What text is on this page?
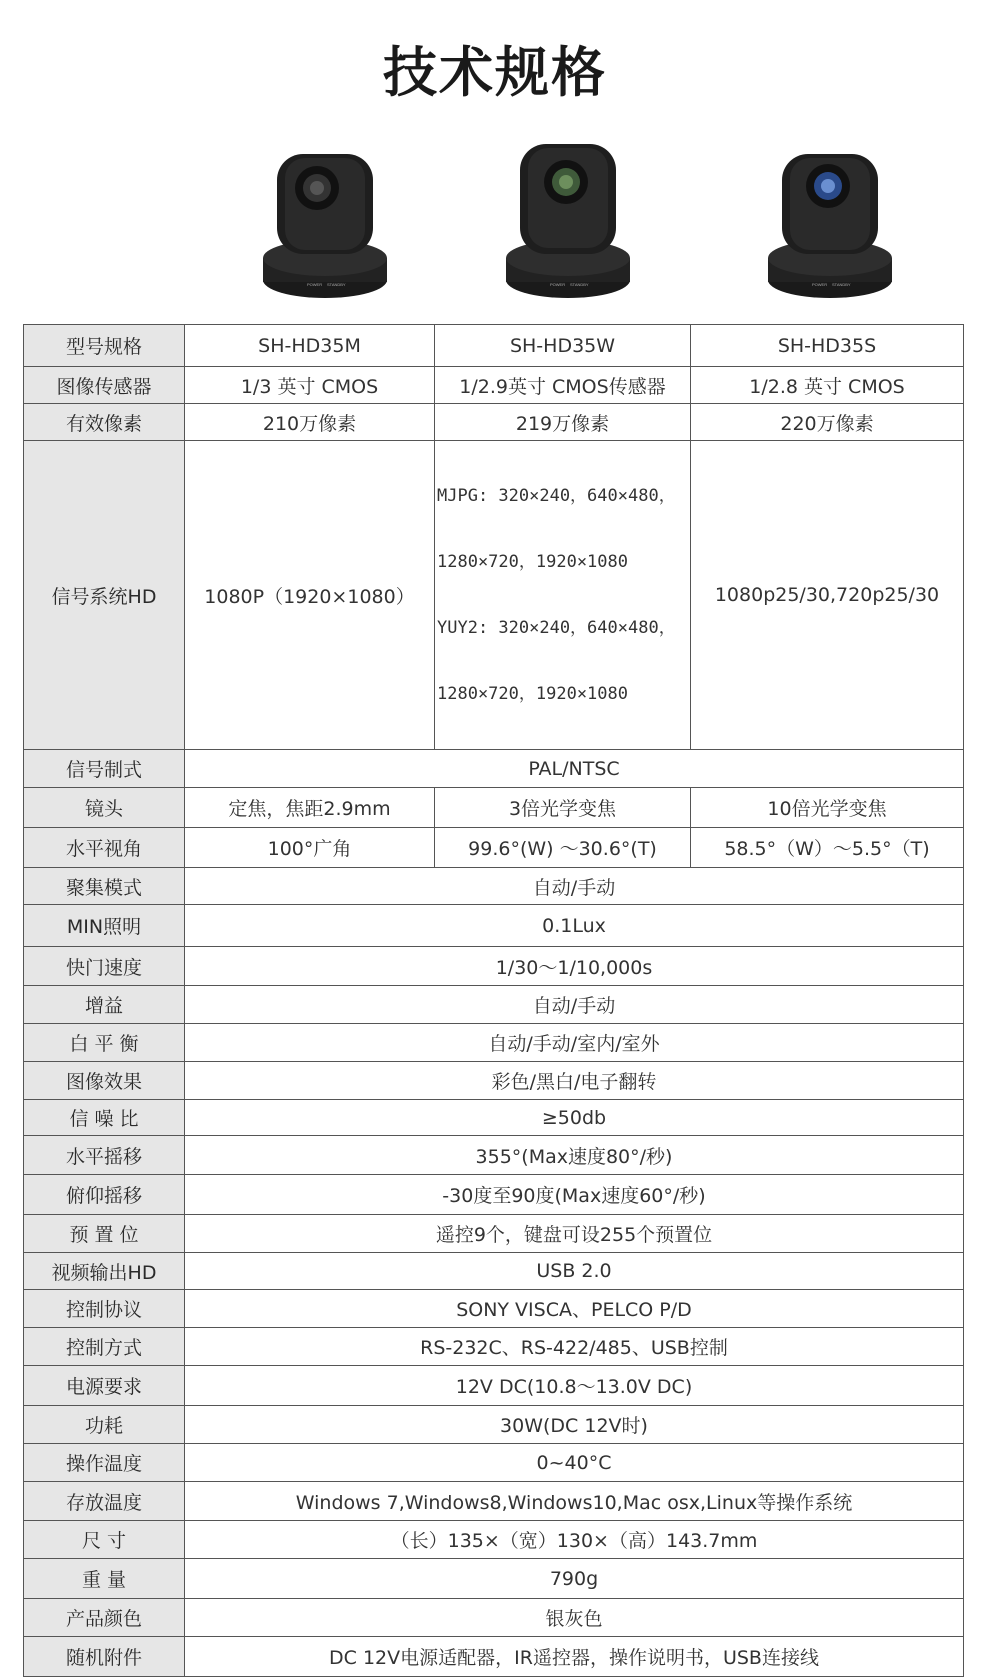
技术规格
POWER STANDBY	POWER STANDBY	POWER STANDBY
型号规格	SH-HD35M	SH-HD35W	SH-HD35S
图像传感器	1/3 英寸 CMOS	1/2.9英寸 CMOS传感器	1/2.8 英寸 CMOS
有效像素	210万像素	219万像素	220万像素
信号系统HD	1080P（1920×1080）	MJPG: 320×240，640×480，

1280×720，1920×1080

YUY2: 320×240，640×480，

1280×720，1920×1080	1080p25/30,720p25/30
信号制式	PAL/NTSC		
镜头	定焦，焦距2.9mm	3倍光学变焦	10倍光学变焦
水平视角	100°广角	99.6°(W) ～30.6°(T)	58.5°（W）～5.5°（T)
聚集模式	自动/手动		
MIN照明	0.1Lux		
快门速度	1/30～1/10,000s		
增益	自动/手动		
白 平 衡	自动/手动/室内/室外		
图像效果	彩色/黑白/电子翻转		
信 噪 比	≥50db		
水平摇移	355°(Max速度80°/秒)		
俯仰摇移	-30度至90度(Max速度60°/秒)		
预 置 位	遥控9个，键盘可设255个预置位		
视频输出HD	USB 2.0		
控制协议	SONY VISCA、PELCO P/D		
控制方式	RS-232C、RS-422/485、USB控制		
电源要求	12V DC(10.8～13.0V DC)		
功耗	30W(DC 12V时)		
操作温度	0~40°C		
存放温度	Windows 7,Windows8,Windows10,Mac osx,Linux等操作系统		
尺 寸	（长）135×（宽）130×（高）143.7mm		
重 量	790g		
产品颜色	银灰色		
随机附件	DC 12V电源适配器，IR遥控器，操作说明书，USB连接线		
